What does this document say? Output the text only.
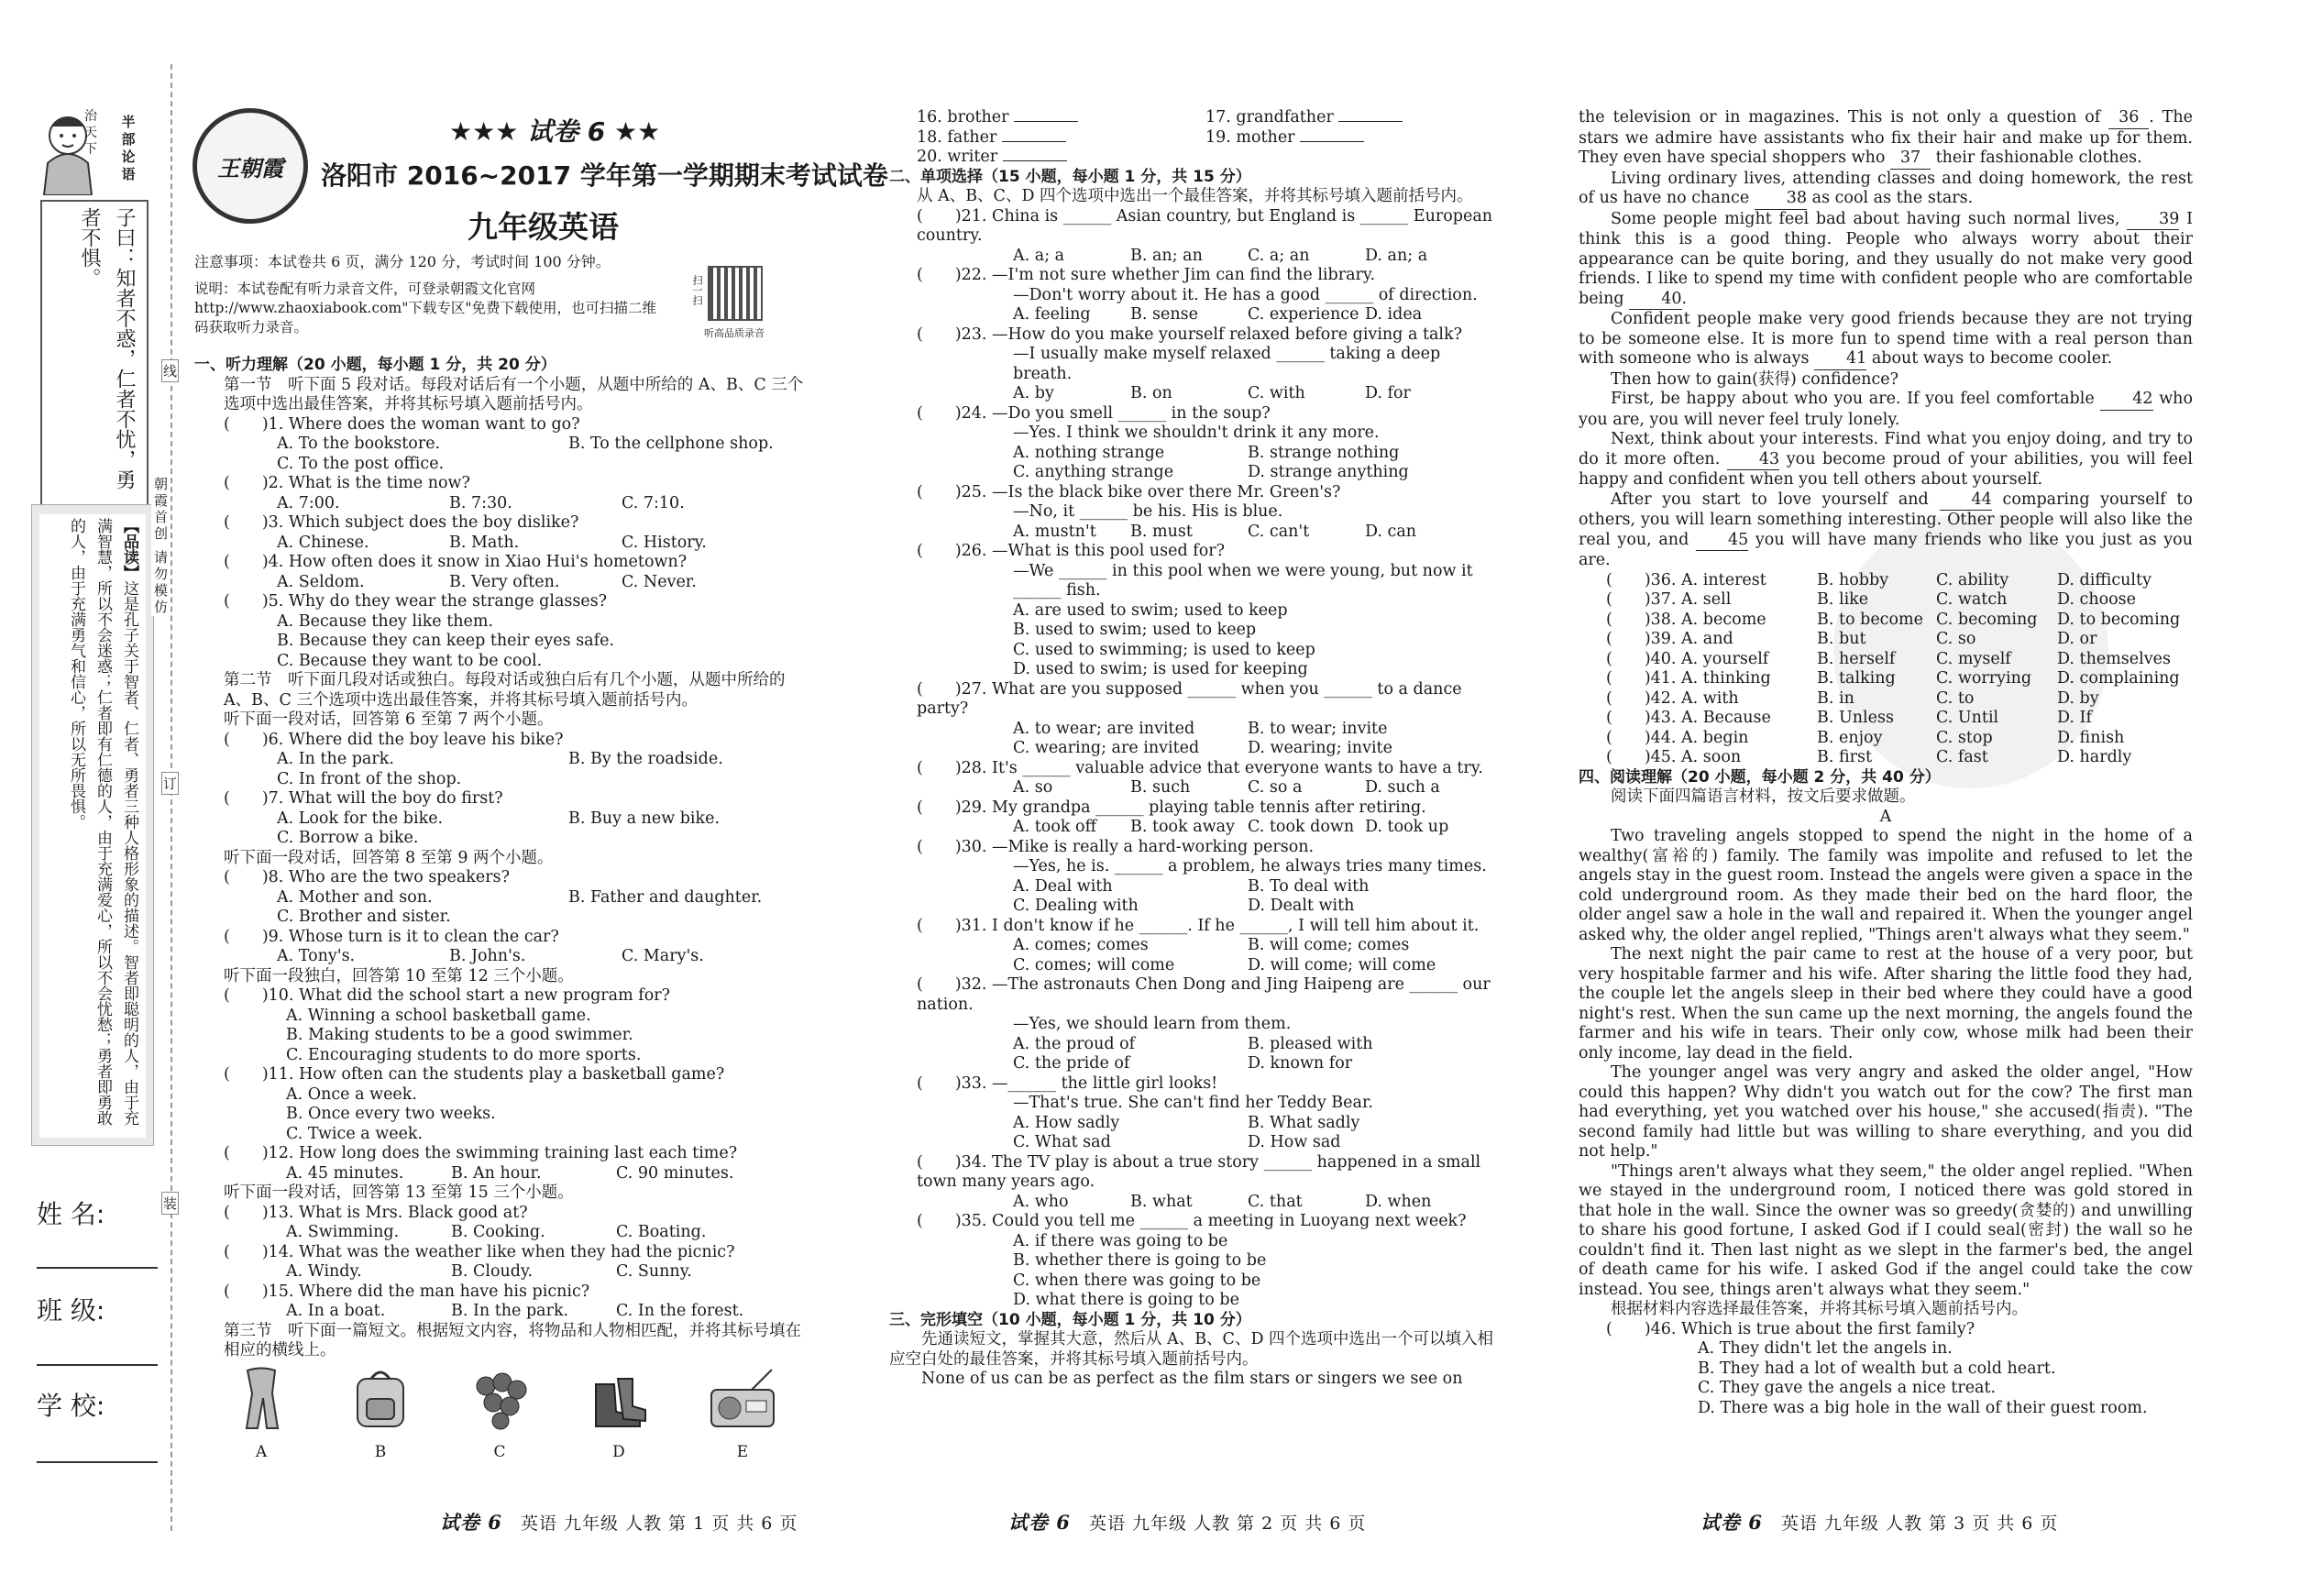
半
部
论
语
治
天
下
子曰：知者不惑，仁者不忧，勇者不惧。
【品读】这是孔子关于智者、仁者、勇者三种人格形象的描述。智者即聪明的人，由于充满智慧，所以不会迷惑；仁者即有仁德的人，由于充满爱心，所以不会忧愁；勇者即勇敢的人，由于充满勇气和信心，所以无所畏惧。
姓 名:
班 级:
学 校:
线
订
装
朝霞首创 请勿模仿
王朝霞
★★★ 试卷 6 ★★
洛阳市 2016~2017 学年第一学期期末考试试卷
九年级英语
注意事项：本试卷共 6 页，满分 120 分，考试时间 100 分钟。
说明：本试卷配有听力录音文件，可登录朝霞文化官网 http://www.zhaoxiabook.com"下载专区"免费下载使用，也可扫描二维码获取听力录音。
扫一扫
听高品质录音

一、听力理解（20 小题，每小题 1 分，共 20 分）

第一节　听下面 5 段对话。每段对话后有一个小题，从题中所给的 A、B、C 三个选项中选出最佳答案，并将其标号填入题前括号内。

(　　)1. Where does the woman want to go?

A. To the bookstore.	B. To the cellphone shop.

C. To the post office.

(　　)2. What is the time now?

A. 7:00.	B. 7:30.	C. 7:10.

(　　)3. Which subject does the boy dislike?

A. Chinese.	B. Math.	C. History.

(　　)4. How often does it snow in Xiao Hui's hometown?

A. Seldom.	B. Very often.	C. Never.

(　　)5. Why do they wear the strange glasses?

A. Because they like them.

B. Because they can keep their eyes safe.

C. Because they want to be cool.

第二节　听下面几段对话或独白。每段对话或独白后有几个小题，从题中所给的 A、B、C 三个选项中选出最佳答案，并将其标号填入题前括号内。

听下面一段对话，回答第 6 至第 7 两个小题。

(　　)6. Where did the boy leave his bike?

A. In the park.	B. By the roadside.

C. In front of the shop.

(　　)7. What will the boy do first?

A. Look for the bike.	B. Buy a new bike.

C. Borrow a bike.

听下面一段对话，回答第 8 至第 9 两个小题。

(　　)8. Who are the two speakers?

A. Mother and son.	B. Father and daughter.

C. Brother and sister.

(　　)9. Whose turn is it to clean the car?

A. Tony's.	B. John's.	C. Mary's.

听下面一段独白，回答第 10 至第 12 三个小题。

(　　)10. What did the school start a new program for?

A. Winning a school basketball game.

B. Making students to be a good swimmer.

C. Encouraging students to do more sports.

(　　)11. How often can the students play a basketball game?

A. Once a week.

B. Once every two weeks.

C. Twice a week.

(　　)12. How long does the swimming training last each time?

A. 45 minutes.	B. An hour.	C. 90 minutes.

听下面一段对话，回答第 13 至第 15 三个小题。

(　　)13. What is Mrs. Black good at?

A. Swimming.	B. Cooking.	C. Boating.

(　　)14. What was the weather like when they had the picnic?

A. Windy.	B. Cloudy.	C. Sunny.

(　　)15. Where did the man have his picnic?

A. In a boat.	B. In the park.	C. In the forest.

第三节　听下面一篇短文。根据短文内容，将物品和人物相匹配，并将其标号填在相应的横线上。

A	B	C	D	E
试卷 6 英语 九年级 人教 第 1 页 共 6 页
16. brother	17. grandfather
18. father	19. mother
20. writer

二、单项选择（15 小题，每小题 1 分，共 15 分）

从 A、B、C、D 四个选项中选出一个最佳答案，并将其标号填入题前括号内。

(　　)21. China is ______ Asian country, but England is ______ European country.

A. a; a	B. an; an	C. a; an	D. an; a

(　　)22. —I'm not sure whether Jim can find the library.

—Don't worry about it. He has a good ______ of direction.

A. feeling	B. sense	C. experience D. idea

(　　)23. —How do you make yourself relaxed before giving a talk?

—I usually make myself relaxed ______ taking a deep breath.

A. by	B. on	C. with	D. for

(　　)24. —Do you smell ______ in the soup?

—Yes. I think we shouldn't drink it any more.

A. nothing strange	B. strange nothing
C. anything strange	D. strange anything

(　　)25. —Is the black bike over there Mr. Green's?

—No, it ______ be his. His is blue.

A. mustn't	B. must	C. can't	D. can

(　　)26. —What is this pool used for?

—We ______ in this pool when we were young, but now it ______ fish.

A. are used to swim; used to keep

B. used to swim; used to keep

C. used to swimming; is used to keep

D. used to swim; is used for keeping

(　　)27. What are you supposed ______ when you ______ to a dance party?

A. to wear; are invited	B. to wear; invite
C. wearing; are invited	D. wearing; invite

(　　)28. It's ______ valuable advice that everyone wants to have a try.

A. so	B. such	C. so a	D. such a

(　　)29. My grandpa ______ playing table tennis after retiring.

A. took off	B. took away C. took down D. took up

(　　)30. —Mike is really a hard-working person.

—Yes, he is. ______ a problem, he always tries many times.

A. Deal with	B. To deal with
C. Dealing with	D. Dealt with

(　　)31. I don't know if he ______. If he ______, I will tell him about it.

A. comes; comes	B. will come; comes
C. comes; will come	D. will come; will come

(　　)32. —The astronauts Chen Dong and Jing Haipeng are ______ our nation.

—Yes, we should learn from them.

A. the proud of	B. pleased with
C. the pride of	D. known for

(　　)33. —______ the little girl looks!

—That's true. She can't find her Teddy Bear.

A. How sadly	B. What sadly
C. What sad	D. How sad

(　　)34. The TV play is about a true story ______ happened in a small town many years ago.

A. who	B. what	C. that	D. when

(　　)35. Could you tell me ______ a meeting in Luoyang next week?

A. if there was going to be

B. whether there is going to be

C. when there was going to be

D. what there is going to be

三、完形填空（10 小题，每小题 1 分，共 10 分）

先通读短文，掌握其大意，然后从 A、B、C、D 四个选项中选出一个可以填入相应空白处的最佳答案，并将其标号填入题前括号内。

None of us can be as perfect as the film stars or singers we see on

试卷 6 英语 九年级 人教 第 2 页 共 6 页

the television or in magazines. This is not only a question of 36 . The stars we admire have assistants who fix their hair and make up for them. They even have special shoppers who 37 their fashionable clothes.

Living ordinary lives, attending classes and doing homework, the rest of us have no chance 38 as cool as the stars.

Some people might feel bad about having such normal lives, 39 I think this is a good thing. People who always worry about their appearance can be quite boring, and they usually do not make very good friends. I like to spend my time with confident people who are comfortable being 40.

Confident people make very good friends because they are not trying to be someone else. It is more fun to spend time with a real person than with someone who is always 41 about ways to become cooler.

Then how to gain(获得) confidence?

First, be happy about who you are. If you feel comfortable 42 who you are, you will never feel truly lonely.

Next, think about your interests. Find what you enjoy doing, and try to do it more often. 43 you become proud of your abilities, you will feel happy and confident when you tell others about yourself.

After you start to love yourself and	44 comparing yourself to others, you will learn something interesting. Other people will also like the real you, and 45 you will have many friends who like you just as you are.

(　　)36. A. interest	B. hobby	C. ability	D. difficulty
(　　)37. A. sell	B. like	C. watch	D. choose
(　　)38. A. become	B. to become C. becoming	D. to becoming
(　　)39. A. and	B. but	C. so	D. or
(　　)40. A. yourself	B. herself	C. myself	D. themselves
(　　)41. A. thinking	B. talking	C. worrying	D. complaining
(　　)42. A. with	B. in	C. to	D. by
(　　)43. A. Because	B. Unless	C. Until	D. If
(　　)44. A. begin	B. enjoy	C. stop	D. finish
(　　)45. A. soon	B. first	C. fast	D. hardly

四、阅读理解（20 小题，每小题 2 分，共 40 分）

阅读下面四篇语言材料，按文后要求做题。

A

Two traveling angels stopped to spend the night in the home of a wealthy(富裕的) family. The family was impolite and refused to let the angels stay in the guest room. Instead the angels were given a space in the cold underground room. As they made their bed on the hard floor, the older angel saw a hole in the wall and repaired it. When the younger angel asked why, the older angel replied, "Things aren't always what they seem."

The next night the pair came to rest at the house of a very poor, but very hospitable farmer and his wife. After sharing the little food they had, the couple let the angels sleep in their bed where they could have a good night's rest. When the sun came up the next morning, the angels found the farmer and his wife in tears. Their only cow, whose milk had been their only income, lay dead in the field.

The younger angel was very angry and asked the older angel, "How could this happen? Why didn't you watch out for the cow? The first man had everything, yet you watched over his house," she accused(指责). "The second family had little but was willing to share everything, and you did not help."

"Things aren't always what they seem," the older angel replied. "When we stayed in the underground room, I noticed there was gold stored in that hole in the wall. Since the owner was so greedy(贪婪的) and unwilling to share his good fortune, I asked God if I could seal(密封) the wall so he couldn't find it. Then last night as we slept in the farmer's bed, the angel of death came for his wife. I asked God if the angel could take the cow instead. You see, things aren't always what they seem."

根据材料内容选择最佳答案，并将其标号填入题前括号内。

(　　)46. Which is true about the first family?

A. They didn't let the angels in.

B. They had a lot of wealth but a cold heart.

C. They gave the angels a nice treat.

D. There was a big hole in the wall of their guest room.

试卷 6 英语 九年级 人教 第 3 页 共 6 页
